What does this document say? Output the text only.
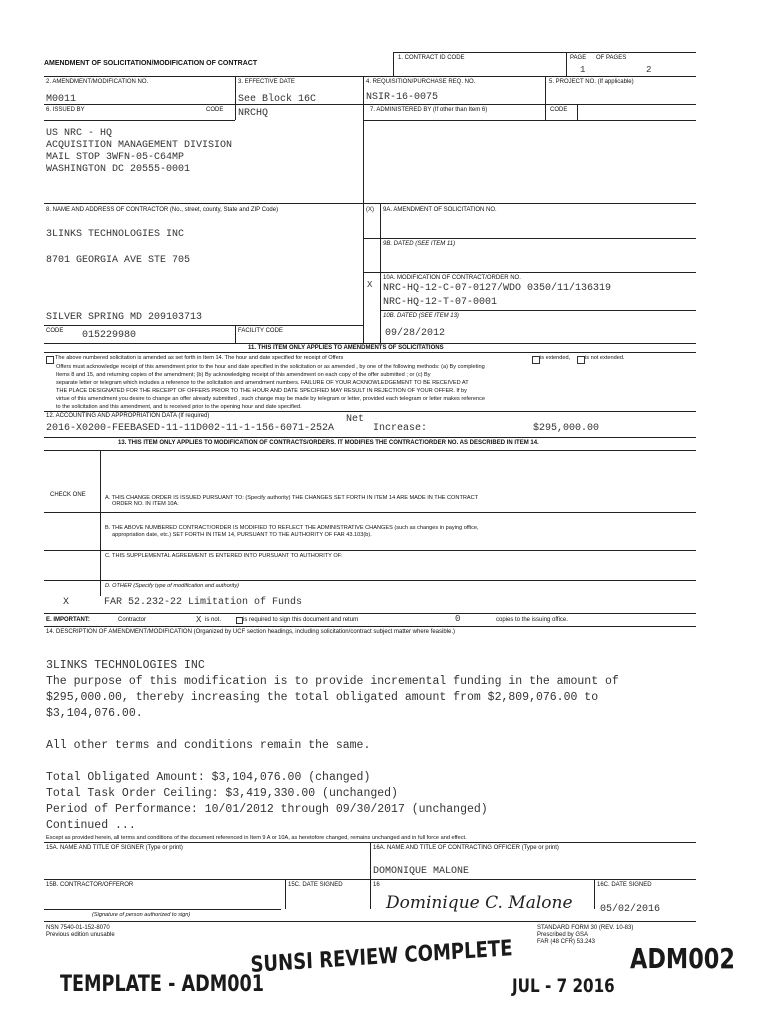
AMENDMENT OF SOLICITATION/MODIFICATION OF CONTRACT
1. CONTRACT ID CODE	PAGE OF PAGES
1	2
2. AMENDMENT/MODIFICATION NO.
M0011
3. EFFECTIVE DATE
See Block 16C
4. REQUISITION/PURCHASE REQ. NO.
NSIR-16-0075
5. PROJECT NO. (If applicable)
6. ISSUED BY	CODE NRCHQ	7. ADMINISTERED BY (If other than Item 6)	CODE
US NRC - HQ
ACQUISITION MANAGEMENT DIVISION
MAIL STOP 3WFN-05-C64MP
WASHINGTON DC 20555-0001
8. NAME AND ADDRESS OF CONTRACTOR (No., street, county, State and ZIP Code)
3LINKS TECHNOLOGIES INC
8701 GEORGIA AVE STE 705
SILVER SPRING MD 209103713
(X) 9A. AMENDMENT OF SOLICITATION NO.
9B. DATED (SEE ITEM 11)
10A. MODIFICATION OF CONTRACT/ORDER NO.
X NRC-HQ-12-C-07-0127/WDO 0350/11/136319
NRC-HQ-12-T-07-0001
10B. DATED (SEE ITEM 13)
09/28/2012
CODE 015229980	FACILITY CODE
11. THIS ITEM ONLY APPLIES TO AMENDMENTS OF SOLICITATIONS
The above numbered solicitation is amended as set forth in Item 14. The hour and date specified for receipt of Offers	is extended,	is not extended.
Offers must acknowledge receipt of this amendment prior to the hour and date specified in the solicitation or as amended , by one of the following methods: (a) By completing
Items 8 and 15, and returning copies of the amendment; (b) By acknowledging receipt of this amendment on each copy of the offer submitted ; or (c) By
separate letter or telegram which includes a reference to the solicitation and amendment numbers. FAILURE OF YOUR ACKNOWLEDGEMENT TO BE RECEIVED AT
THE PLACE DESIGNATED FOR THE RECEIPT OF OFFERS PRIOR TO THE HOUR AND DATE SPECIFIED MAY RESULT IN REJECTION OF YOUR OFFER. If by
virtue of this amendment you desire to change an offer already submitted , such change may be made by telegram or letter, provided each telegram or letter makes reference
to the solicitation and this amendment, and is received prior to the opening hour and date specified.
12. ACCOUNTING AND APPROPRIATION DATA (If required)	Net
2016-X0200-FEEBASED-11-11D002-11-1-156-6071-252A	Increase:	$295,000.00
13. THIS ITEM ONLY APPLIES TO MODIFICATION OF CONTRACTS/ORDERS. IT MODIFIES THE CONTRACT/ORDER NO. AS DESCRIBED IN ITEM 14.
CHECK ONE	A. THIS CHANGE ORDER IS ISSUED PURSUANT TO: (Specify authority) THE CHANGES SET FORTH IN ITEM 14 ARE MADE IN THE CONTRACT
ORDER NO. IN ITEM 10A.
B. THE ABOVE NUMBERED CONTRACT/ORDER IS MODIFIED TO REFLECT THE ADMINISTRATIVE CHANGES (such as changes in paying office,
appropriation date, etc.) SET FORTH IN ITEM 14, PURSUANT TO THE AUTHORITY OF FAR 43.103(b).
C. THIS SUPPLEMENTAL AGREEMENT IS ENTERED INTO PURSUANT TO AUTHORITY OF:
D. OTHER (Specify type of modification and authority)
X	FAR 52.232-22 Limitation of Funds
E. IMPORTANT:	Contractor	X is not.	is required to sign this document and return	0	copies to the issuing office.
14. DESCRIPTION OF AMENDMENT/MODIFICATION (Organized by UCF section headings, including solicitation/contract subject matter where feasible.)
3LINKS TECHNOLOGIES INC
The purpose of this modification is to provide incremental funding in the amount of
$295,000.00, thereby increasing the total obligated amount from $2,809,076.00 to
$3,104,076.00.
All other terms and conditions remain the same.
Total Obligated Amount: $3,104,076.00 (changed)
Total Task Order Ceiling: $3,419,330.00 (unchanged)
Period of Performance: 10/01/2012 through 09/30/2017 (unchanged)
Continued ...
Except as provided herein, all terms and conditions of the document referenced in Item 9 A or 10A, as heretofore changed, remains unchanged and in full force and effect.
15A. NAME AND TITLE OF SIGNER (Type or print)	16A. NAME AND TITLE OF CONTRACTING OFFICER (Type or print)
DOMONIQUE MALONE
15B. CONTRACTOR/OFFEROR	15C. DATE SIGNED	16	16C. DATE SIGNED
Dominique C. Malone	05/02/2016
(Signature of person authorized to sign)
NSN 7540-01-152-8070
Previous edition unusable
STANDARD FORM 30 (REV. 10-83)
Prescribed by GSA
FAR (48 CFR) 53.243
TEMPLATE - ADM001
SUNSI REVIEW COMPLETE
JUL - 7 2016
ADM002
